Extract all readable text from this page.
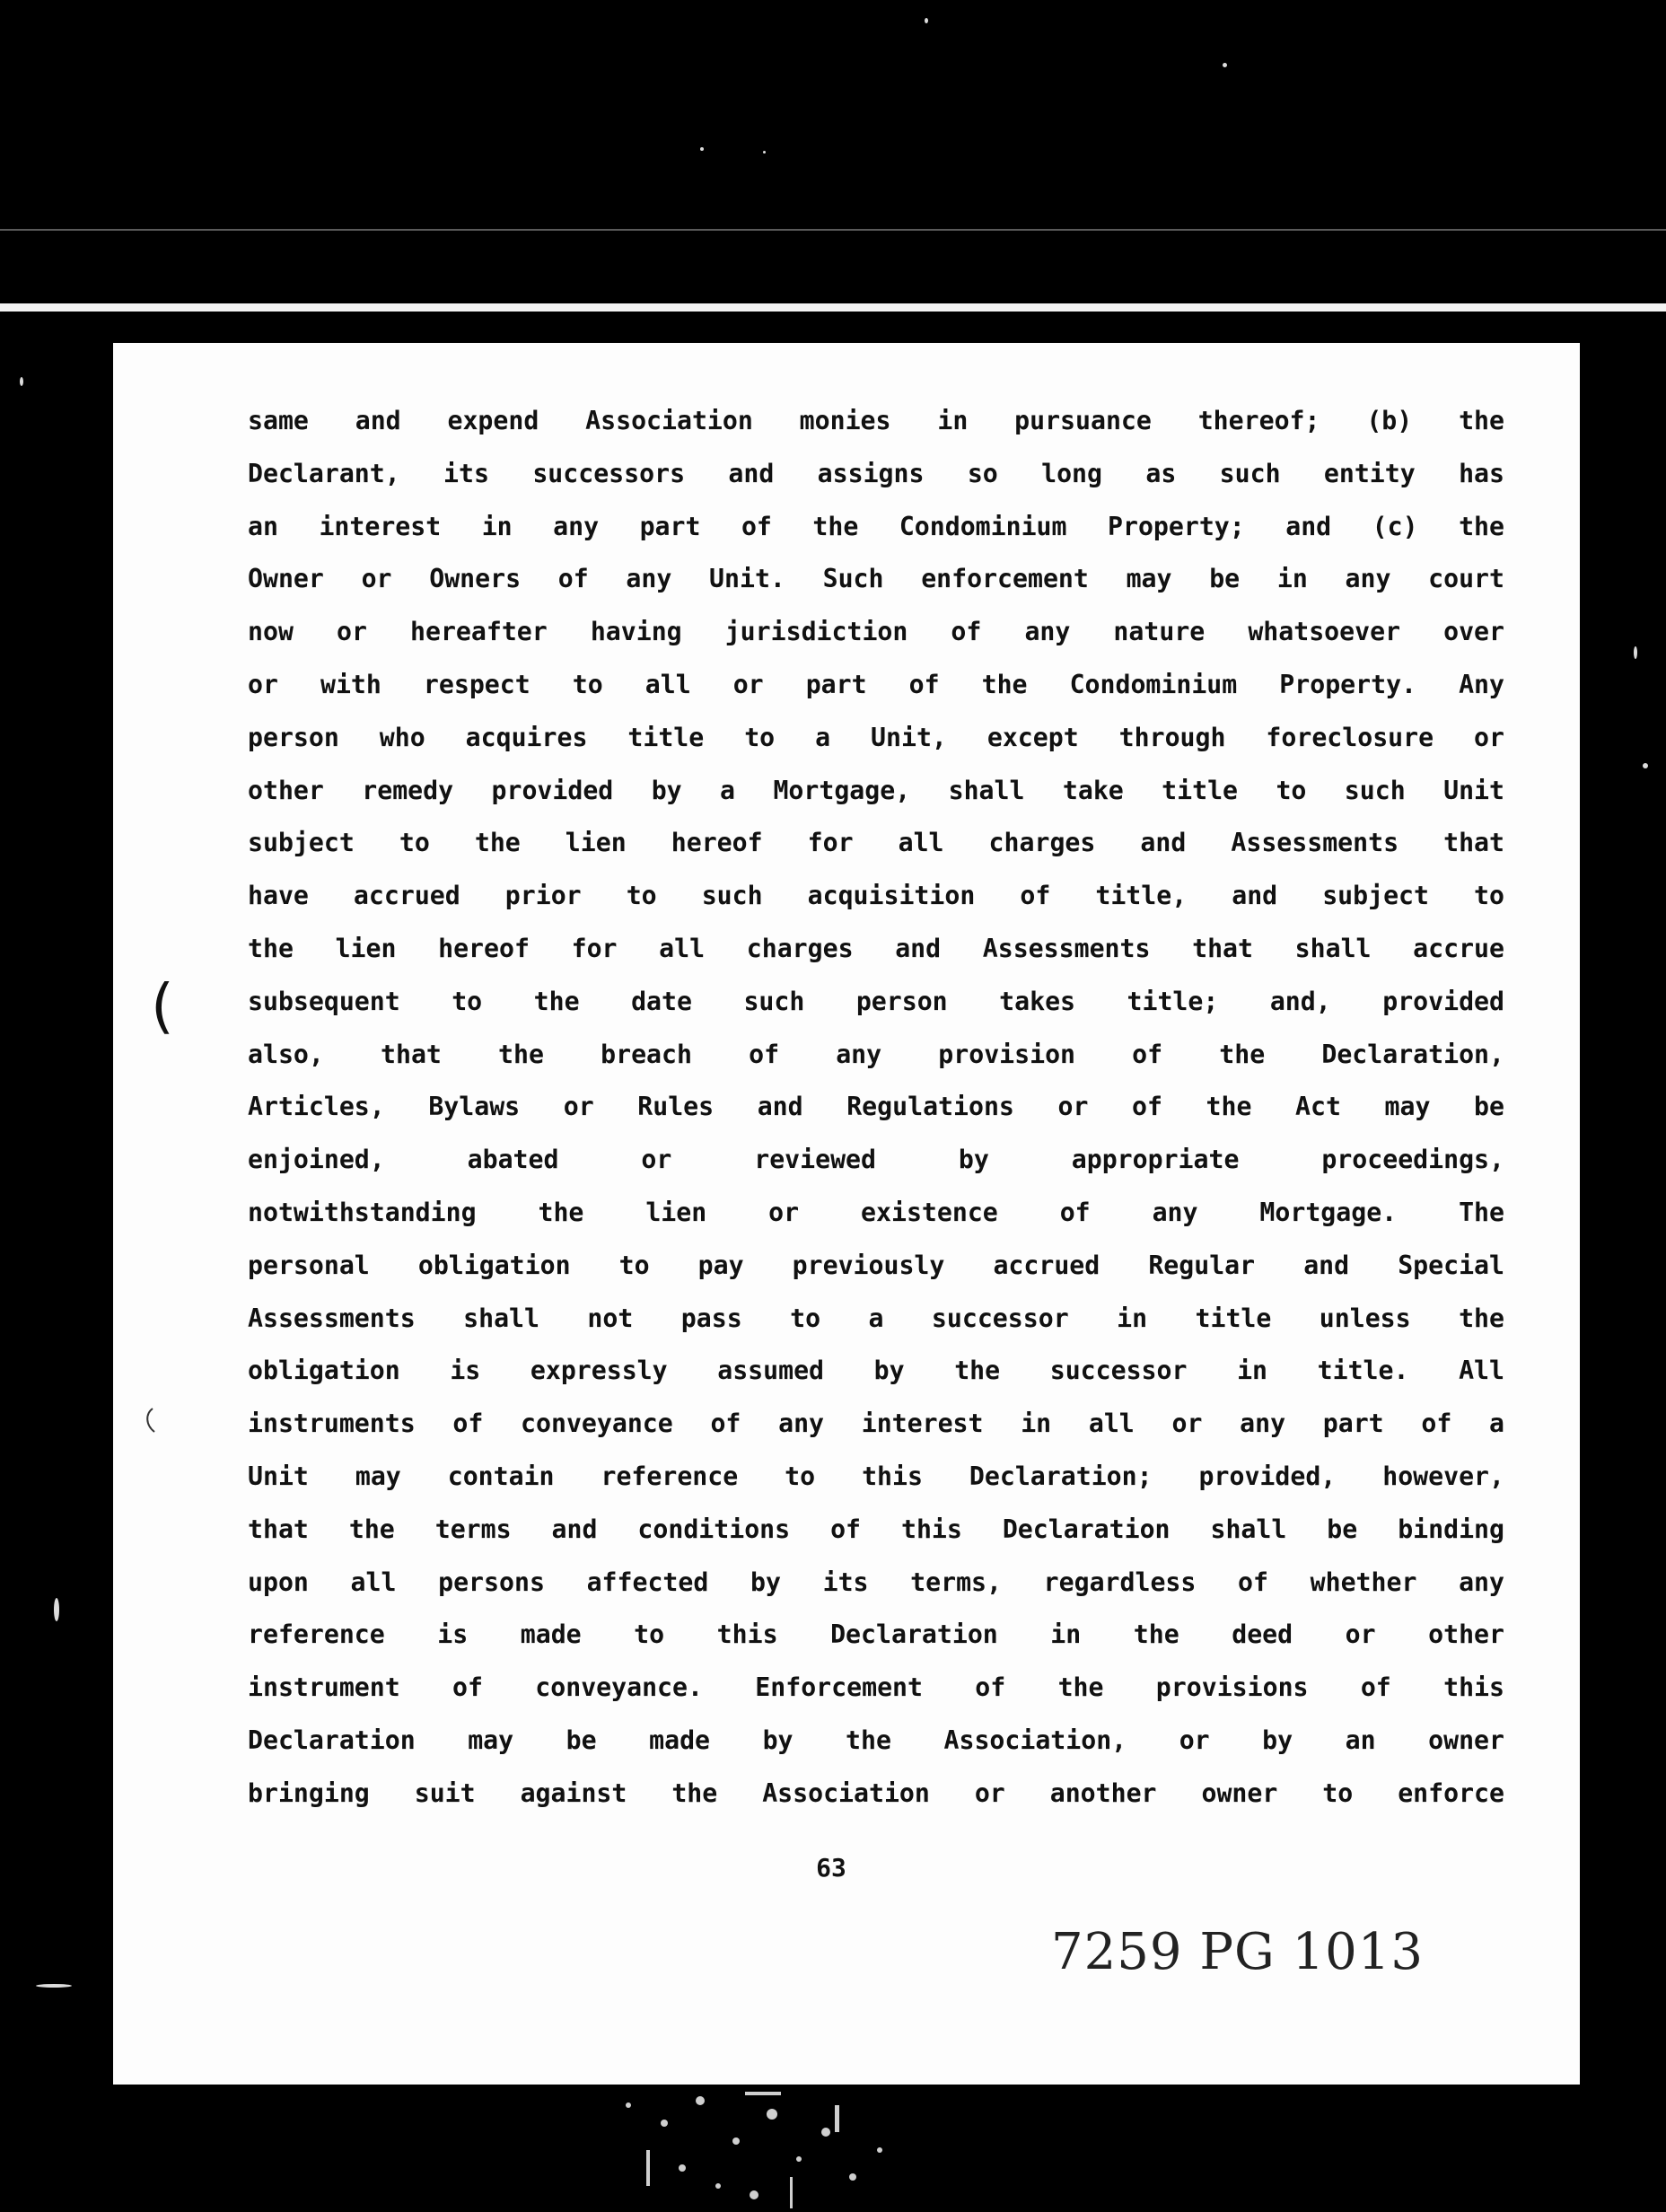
(
same and expend Association monies in pursuance thereof; (b) the
Declarant, its successors and assigns so long as such entity has
an interest in any part of the Condominium Property; and (c) the
Owner or Owners of any Unit. Such enforcement may be in any court
now or hereafter having jurisdiction of any nature whatsoever over
or with respect to all or part of the Condominium Property. Any
person who acquires title to a Unit, except through foreclosure or
other remedy provided by a Mortgage, shall take title to such Unit
subject to the lien hereof for all charges and Assessments that
have accrued prior to such acquisition of title, and subject to
the lien hereof for all charges and Assessments that shall accrue
subsequent to the date such person takes title; and, provided
also, that the breach of any provision of the Declaration,
Articles, Bylaws or Rules and Regulations or of the Act may be
enjoined, abated or reviewed by appropriate proceedings,
notwithstanding the lien or existence of any Mortgage. The
personal obligation to pay previously accrued Regular and Special
Assessments shall not pass to a successor in title unless the
obligation is expressly assumed by the successor in title. All
instruments of conveyance of any interest in all or any part of a
Unit may contain reference to this Declaration; provided, however,
that the terms and conditions of this Declaration shall be binding
upon all persons affected by its terms, regardless of whether any
reference is made to this Declaration in the deed or other
instrument of conveyance. Enforcement of the provisions of this
Declaration may be made by the Association, or by an owner
bringing suit against the Association or another owner to enforce
63
7259 PG 1013
